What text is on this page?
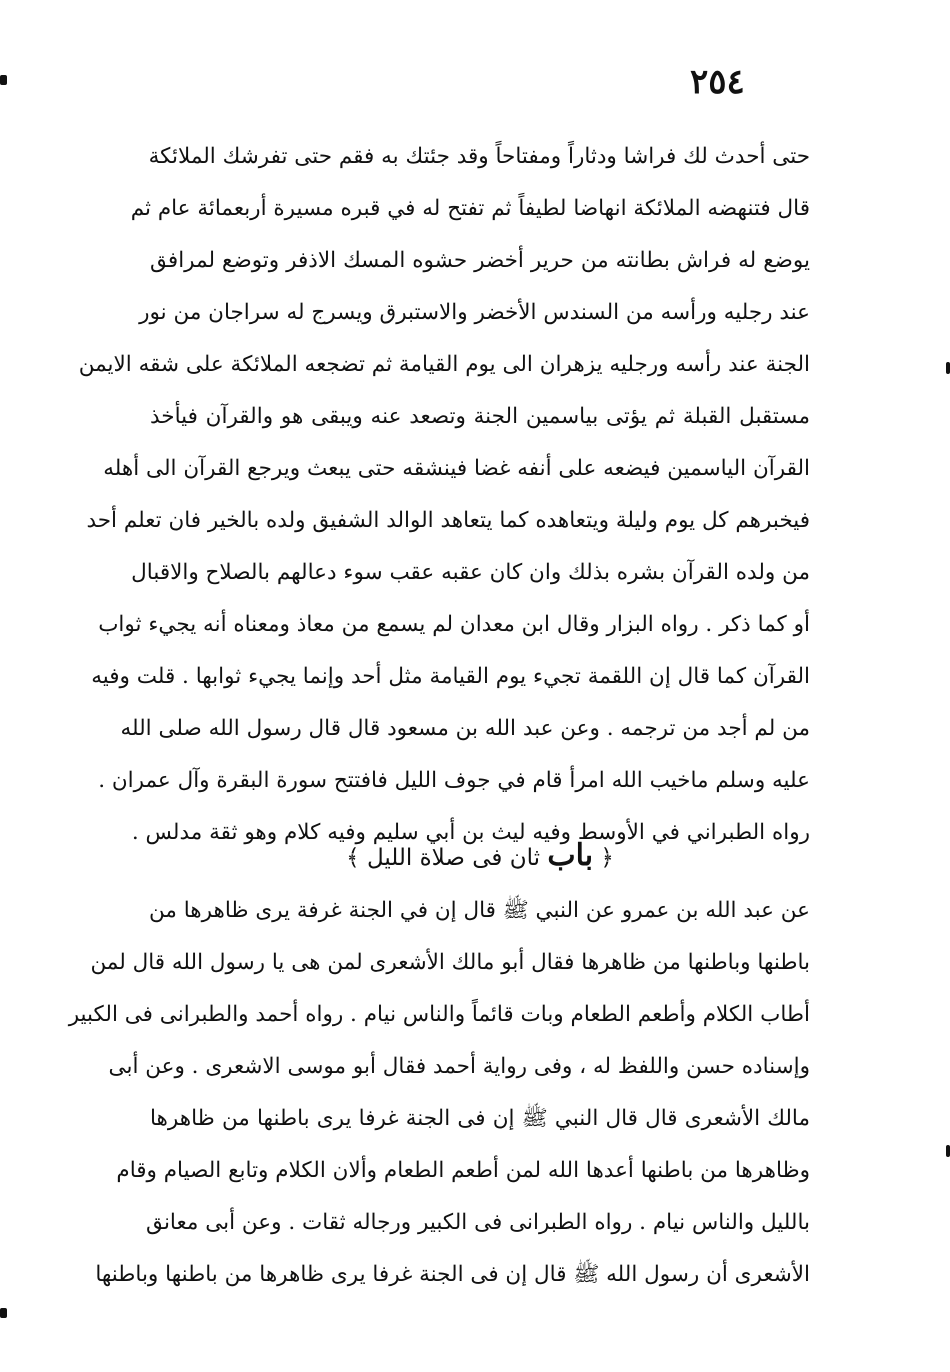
٢٥٤
حتى أحدث لك فراشا ودثاراً ومفتاحاً وقد جئتك به فقم حتى تفرشك الملائكة
قال فتنهضه الملائكة انهاضا لطيفاً ثم تفتح له في قبره مسيرة أربعمائة عام ثم
يوضع له فراش بطانته من حرير أخضر حشوه المسك الاذفر وتوضع لمرافق
عند رجليه ورأسه من السندس الأخضر والاستبرق ويسرج له سراجان من نور
الجنة عند رأسه ورجليه يزهران الى يوم القيامة ثم تضجعه الملائكة على شقه الايمن
مستقبل القبلة ثم يؤتى بياسمين الجنة وتصعد عنه ويبقى هو والقرآن فيأخذ
القرآن الياسمين فيضعه على أنفه غضا فينشقه حتى يبعث ويرجع القرآن الى أهله
فيخبرهم كل يوم وليلة ويتعاهده كما يتعاهد الوالد الشفيق ولده بالخير فان تعلم أحد
من ولده القرآن بشره بذلك وان كان عقبه عقب سوء دعالهم بالصلاح والاقبال
أو كما ذكر . رواه البزار وقال ابن معدان لم يسمع من معاذ ومعناه أنه يجيء ثواب
القرآن كما قال إن اللقمة تجيء يوم القيامة مثل أحد وإنما يجيء ثوابها . قلت وفيه
من لم أجد من ترجمه . وعن عبد الله بن مسعود قال قال رسول الله صلى الله
عليه وسلم ماخيب الله امرأ قام في جوف الليل فافتتح سورة البقرة وآل عمران .
رواه الطبراني في الأوسط وفيه ليث بن أبي سليم وفيه كلام وهو ثقة مدلس .
﴿ باب ثان فى صلاة الليل ﴾
عن عبد الله بن عمرو عن النبي ﷺ قال إن في الجنة غرفة يرى ظاهرها من
باطنها وباطنها من ظاهرها فقال أبو مالك الأشعرى لمن هى يا رسول الله قال لمن
أطاب الكلام وأطعم الطعام وبات قائماً والناس نيام . رواه أحمد والطبرانى فى الكبير
وإسناده حسن واللفظ له ، وفى رواية أحمد فقال أبو موسى الاشعرى . وعن أبى
مالك الأشعرى قال قال النبي ﷺ إن فى الجنة غرفا يرى باطنها من ظاهرها
وظاهرها من باطنها أعدها الله لمن أطعم الطعام وألان الكلام وتابع الصيام وقام
بالليل والناس نيام . رواه الطبرانى فى الكبير ورجاله ثقات . وعن أبى معانق
الأشعرى أن رسول الله ﷺ قال إن فى الجنة غرفا يرى ظاهرها من باطنها وباطنها
